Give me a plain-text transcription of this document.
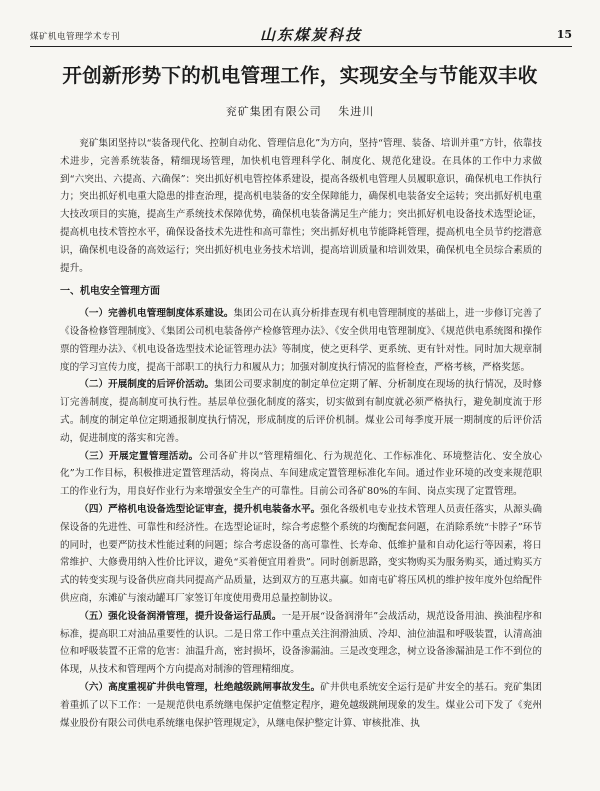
煤矿机电管理学术专刊	山东煤炭科技	15
开创新形势下的机电管理工作，实现安全与节能双丰收
兖矿集团有限公司 朱进川

兖矿集团坚持以“装备现代化、控制自动化、管理信息化”为方向，坚持“管理、装备、培训并重”方针，依靠技术进步，完善系统装备，精细现场管理，加快机电管理科学化、制度化、规范化建设。在具体的工作中力求做到“六突出、六提高、六确保”：突出抓好机电管控体系建设，提高各级机电管理人员履职意识，确保机电工作执行力；突出抓好机电重大隐患的排查治理，提高机电装备的安全保障能力，确保机电装备安全运转；突出抓好机电重大技改项目的实施，提高生产系统技术保障优势，确保机电装备满足生产能力；突出抓好机电设备技术选型论证，提高机电技术管控水平，确保设备技术先进性和高可靠性；突出抓好机电节能降耗管理，提高机电全员节约挖潜意识，确保机电设备的高效运行；突出抓好机电业务技术培训，提高培训质量和培训效果，确保机电全员综合素质的提升。

一、机电安全管理方面

（一）完善机电管理制度体系建设。集团公司在认真分析排查现有机电管理制度的基础上，进一步修订完善了《设备检修管理制度》、《集团公司机电装备停产检修管理办法》、《安全供用电管理制度》、《规范供电系统图和操作票的管理办法》、《机电设备选型技术论证管理办法》等制度，使之更科学、更系统、更有针对性。同时加大规章制度的学习宣传力度，提高干部职工的执行力和履从力；加强对制度执行情况的监督检查，严格考核，严格奖惩。

（二）开展制度的后评价活动。集团公司要求制度的制定单位定期了解、分析制度在现场的执行情况，及时修订完善制度，提高制度可执行性。基层单位强化制度的落实，切实做到有制度就必须严格执行，避免制度流于形式。制度的制定单位定期通报制度执行情况，形成制度的后评价机制。煤业公司每季度开展一期制度的后评价活动，促进制度的落实和完善。

（三）开展定置管理活动。公司各矿井以“管理精细化、行为规范化、工作标准化、环境整洁化、安全放心化”为工作目标，积极推进定置管理活动，将岗点、车间建成定置管理标准化车间。通过作业环境的改变来规范职工的作业行为，用良好作业行为来增强安全生产的可靠性。目前公司各矿80%的车间、岗点实现了定置管理。

（四）严格机电设备选型论证审查，提升机电装备水平。强化各级机电专业技术管理人员责任落实，从源头确保设备的先进性、可靠性和经济性。在选型论证时，综合考虑整个系统的均衡配套问题，在消除系统“卡脖子”环节的同时，也要严防技术性能过剩的问题；综合考虑设备的高可靠性、长寿命、低维护量和自动化运行等因素，将日常维护、大修费用纳入性价比评议，避免“买着便宜用着贵”。同时创新思路，变实物购买为服务购买，通过购买方式的转变实现与设备供应商共同提高产品质量，达到双方的互惠共赢。如南屯矿将压风机的维护按年度外包给配件供应商，东滩矿与滚动罐耳厂家签订年度使用费用总量控制协议。

（五）强化设备润滑管理，提升设备运行品质。一是开展“设备润滑年”会战活动，规范设备用油、换油程序和标准，提高职工对油品重要性的认识。二是日常工作中重点关注润滑油质、冷却、油位油温和呼吸装置，认清高油位和呼吸装置不正常的危害：油温升高，密封损坏，设备渗漏油。三是改变理念，树立设备渗漏油是工作不到位的体现，从技术和管理两个方向提高对制渗的管理精细度。

（六）高度重视矿井供电管理，杜绝越级跳闸事故发生。矿井供电系统安全运行是矿井安全的基石。兖矿集团着重抓了以下工作：一是规范供电系统继电保护定值整定程序，避免越级跳闸现象的发生。煤业公司下发了《兖州煤业股份有限公司供电系统继电保护管理规定》，从继电保护整定计算、审核批准、执
